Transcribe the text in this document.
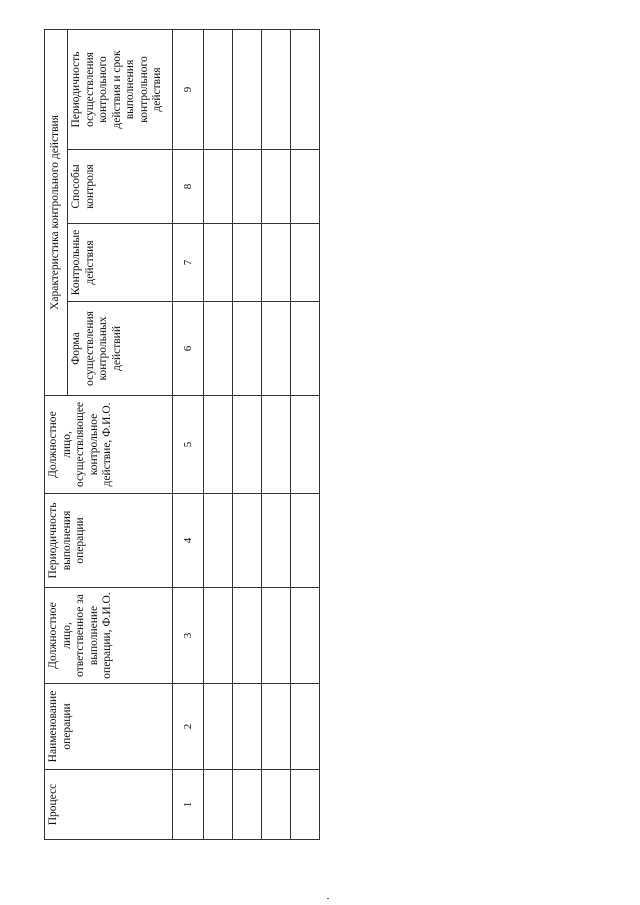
Процесс	Наименование операции	Должностное лицо, ответственное за выполнение операции, Ф.И.О.	Периодичность выполнения операции	Должностное лицо, осуществляющее контрольное действие, Ф.И.О.	Характеристика контрольного действия			
					Форма осуществления контрольных действий	Контрольные действия	Способы контроля	Периодичность осуществления контрольного действия и срок выполнения контрольного действия
1	2	3	4	5	6	7	8	9
